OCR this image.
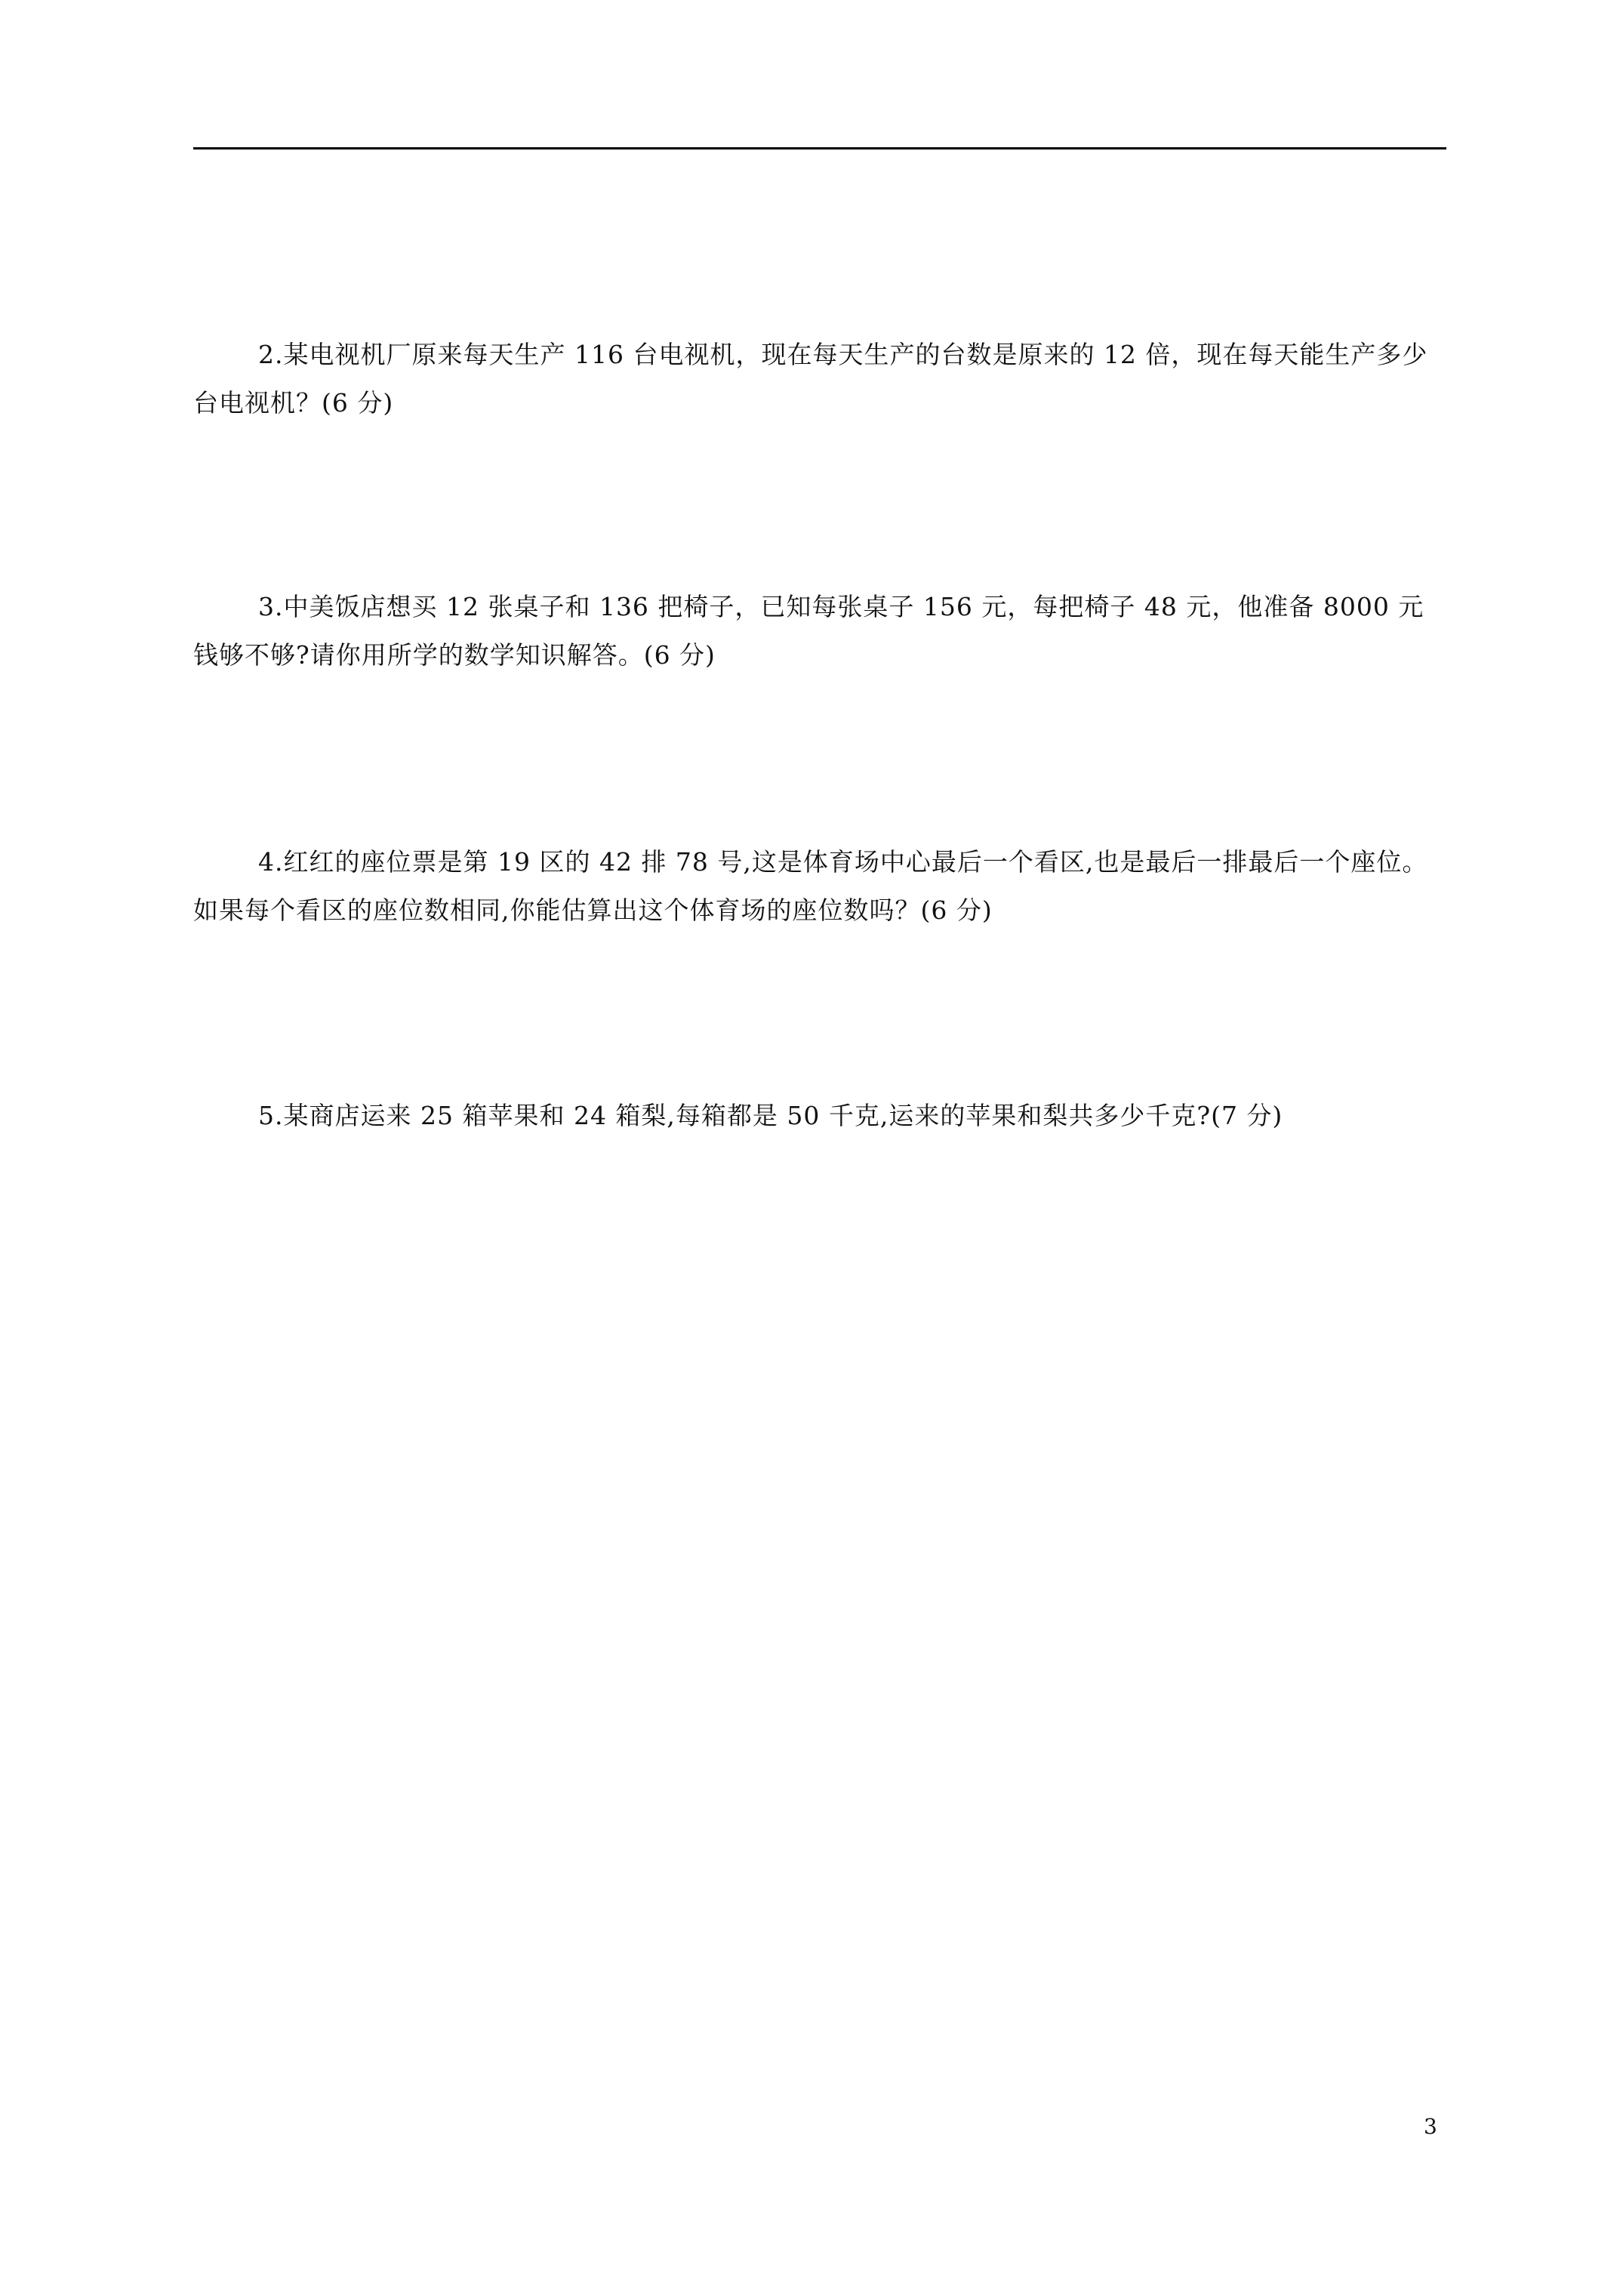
2.某电视机厂原来每天生产 116 台电视机，现在每天生产的台数是原来的 12 倍，现在每天能生产多少台电视机？(6 分)

3.中美饭店想买 12 张桌子和 136 把椅子，已知每张桌子 156 元，每把椅子 48 元，他准备 8000 元钱够不够?请你用所学的数学知识解答。(6 分)

4.红红的座位票是第 19 区的 42 排 78 号,这是体育场中心最后一个看区,也是最后一排最后一个座位。如果每个看区的座位数相同,你能估算出这个体育场的座位数吗？(6 分)

5.某商店运来 25 箱苹果和 24 箱梨,每箱都是 50 千克,运来的苹果和梨共多少千克?(7 分)

3
